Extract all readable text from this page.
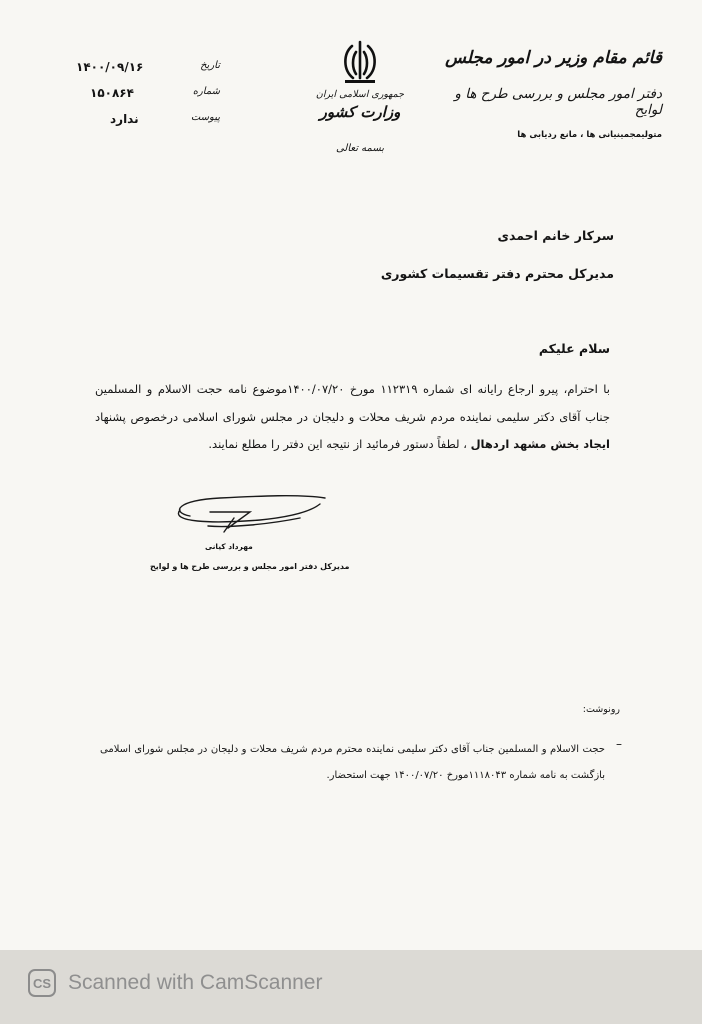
قائم مقام وزیر در امور مجلس
دفتر امور مجلس و بررسی طرح ها و لوایح
متولیمجمینیانی ها ، مانع ردیابی ها
جمهوری اسلامی ایران
وزارت کشور
بسمه تعالی
۱۴۰۰/۰۹/۱۶	تاریخ
۱۵۰۸۶۴	شماره
ندارد	پیوست
سرکار خانم احمدی
مدیرکل محترم دفتر تقسیمات کشوری
سلام علیکم
با احترام، پیرو ارجاع رایانه ای شماره ۱۱۲۳۱۹ مورخ ۱۴۰۰/۰۷/۲۰موضوع نامه حجت الاسلام و المسلمین جناب آقای دکتر سلیمی نماینده مردم شریف محلات و دلیجان در مجلس شورای اسلامی درخصوص پشنهاد ایجاد بخش مشهد اردهال ، لطفاً دستور فرمائید از نتیجه این دفتر را مطلع نمایند.
مهرداد کیانی
مدیرکل دفتر امور مجلس و بررسی طرح ها و لوایح
رونوشت:
–
حجت الاسلام و المسلمین جناب آقای دکتر سلیمی نماینده محترم مردم شریف محلات و دلیجان در مجلس شورای اسلامی بازگشت به نامه شماره ۱۱۱۸۰۴۳مورخ ۱۴۰۰/۰۷/۲۰ جهت استحضار.
CS Scanned with CamScanner
